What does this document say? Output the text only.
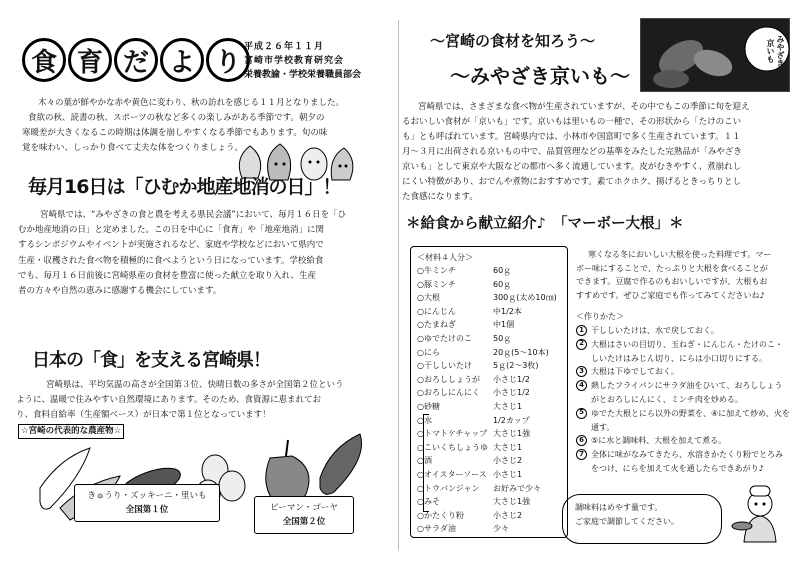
食 育 だ よ り
平成２６年１１月
宮崎市学校教育研究会
栄養教諭・学校栄養職員部会
木々の葉が鮮やかな赤や黄色に変わり、秋の訪れを感じる１１月となりました。
食欲の秋、読書の秋、スポーツの秋など多くの楽しみがある季節です。朝夕の
寒暖差が大きくなるこの時期は体調を崩しやすくなる季節でもあります。旬の味
覚を味わい、しっかり食べて丈夫な体をつくりましょう。
毎月16日は「ひむか地産地消の日」！
宮崎県では、“みやざきの食と農を考える県民会議”において、毎月１６日を「ひ
むか地産地消の日」と定めました。この日を中心に「食育」や「地産地消」に関
するシンポジウムやイベントが実施されるなど、家庭や学校などにおいて県内で
生産・収穫された食べ物を積極的に食べようという日になっています。学校給食
でも、毎月１６日前後に宮崎県産の食材を豊富に使った献立を取り入れ、生産
者の方々や自然の恵みに感謝する機会にしています。
日本の「食」を支える宮崎県！
宮崎県は、平均気温の高さが全国第３位、快晴日数の多さが全国第２位という
ように、温暖で住みやすい自然環境にあります。そのため、食資源に恵まれてお
り、食料自給率（生産額ベース）が日本で第１位となっています！
☆宮崎の代表的な農産物☆
きゅうり・ズッキーニ・里いも
全国第１位	ピーマン・ゴーヤ
全国第２位
～宮崎の食材を知ろう～
～みやざき京いも～
みやざき 京いも
宮崎県では、さまざまな食べ物が生産されていますが、その中でもこの季節に旬を迎え
るおいしい食材が「京いも」です。京いもは里いもの一種で、その形状から「たけのこい
も」とも呼ばれています。宮崎県内では、小林市や国富町で多く生産されています。１１
月～３月に出荷される京いもの中で、品質管理などの基準をみたした完熟品が「みやざき
京いも」として東京や大阪などの都市へ多く流通しています。皮がむきやすく、煮崩れし
にくい特徴があり、おでんや煮物におすすめです。素てホクホク、揚げるときっちりとし
た食感になります。
＊給食から献立紹介♪　「マーボー大根」＊
＜材料４人分＞
○牛ミンチ	60ｇ
○豚ミンチ	60ｇ
○大根	300ｇ(太め10㎝)
○にんじん	中1/2本
○たまねぎ	中1個
○ゆでたけのこ	50ｇ
○にら	20ｇ(5～10本)
○干ししいたけ	5ｇ(2～3枚)
○おろししょうが	小さじ1/2
○おろしにんにく	小さじ1/2
○砂糖	大さじ1
○水	1/2カップ
○トマトケチャップ 大さじ1強
○こいくちしょうゆ 大さじ1
○酒	小さじ2
○オイスターソース 小さじ1
○トウバンジャン	お好みで少々
○みそ	大さじ1強
○かたくり粉	小さじ2
○サラダ油	少々
寒くなる冬においしい大根を使った料理です。マー
ボー味にすることで、たっぷりと大根を食べることが
できます。豆腐で作るのもおいしいですが、大根もお
すすめです。ぜひご家庭でも作ってみてくださいね♪
＜作りかた＞
1 干ししいたけは、水で戻しておく。
2 大根はさいの目切り、玉ねぎ・にんじん・たけのこ・しいたけはみじん切り、にらは小口切りにする。
3 大根は下ゆでしておく。
4 熱したフライパンにサラダ油をひいて、おろししょうがとおろしにんにく、ミンチ肉を炒める。
5 ゆでた大根とにら以外の野菜を、④に加えて炒め、火を通す。
6 ⑤に水と調味料、大根を加えて煮る。
7 全体に味がなみてきたら、水溶きかたくり粉でとろみをつけ、にらを加えて火を通したらできあがり♪
調味料はめやす量です。
ご家庭で調節してください。
